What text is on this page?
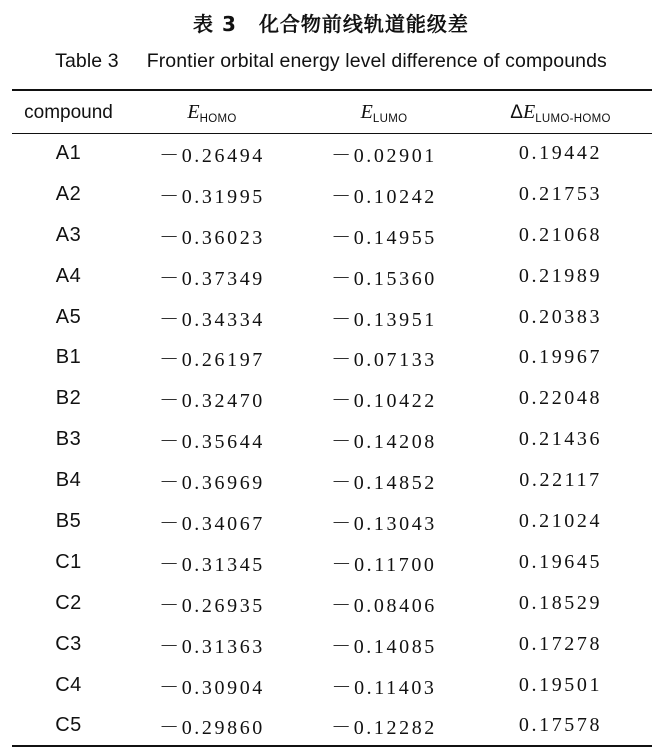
表 3 化合物前线轨道能级差
Table 3 Frontier orbital energy level difference of compounds
compound	$E_{HOMO}$	$E_{LUMO}$	$\Delta E_{LUMO-HOMO}$
A1	－0.26494	－0.02901	0.19442
A2	－0.31995	－0.10242	0.21753
A3	－0.36023	－0.14955	0.21068
A4	－0.37349	－0.15360	0.21989
A5	－0.34334	－0.13951	0.20383
B1	－0.26197	－0.07133	0.19967
B2	－0.32470	－0.10422	0.22048
B3	－0.35644	－0.14208	0.21436
B4	－0.36969	－0.14852	0.22117
B5	－0.34067	－0.13043	0.21024
C1	－0.31345	－0.11700	0.19645
C2	－0.26935	－0.08406	0.18529
C3	－0.31363	－0.14085	0.17278
C4	－0.30904	－0.11403	0.19501
C5	－0.29860	－0.12282	0.17578
